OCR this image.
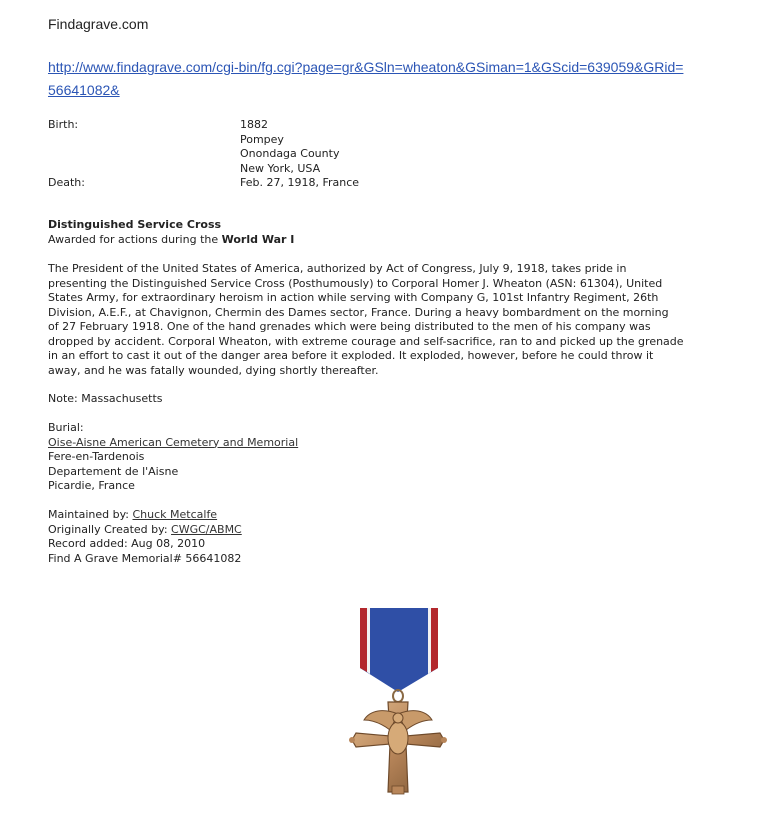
Findagrave.com
http://www.findagrave.com/cgi-bin/fg.cgi?page=gr&GSln=wheaton&GSiman=1&GScid=639059&GRid=56641082&
Birth:	1882
Pompey
Onondaga County
New York, USA
Death:	Feb. 27, 1918, France
Distinguished Service Cross
Awarded for actions during the World War I
The President of the United States of America, authorized by Act of Congress, July 9, 1918, takes pride in
presenting the Distinguished Service Cross (Posthumously) to Corporal Homer J. Wheaton (ASN: 61304), United
States Army, for extraordinary heroism in action while serving with Company G, 101st Infantry Regiment, 26th
Division, A.E.F., at Chavignon, Chermin des Dames sector, France. During a heavy bombardment on the morning
of 27 February 1918. One of the hand grenades which were being distributed to the men of his company was
dropped by accident. Corporal Wheaton, with extreme courage and self-sacrifice, ran to and picked up the grenade
in an effort to cast it out of the danger area before it exploded. It exploded, however, before he could throw it
away, and he was fatally wounded, dying shortly thereafter.
Note: Massachusetts
Burial:
Oise-Aisne American Cemetery and Memorial
Fere-en-Tardenois
Departement de l'Aisne
Picardie, France
Maintained by: Chuck Metcalfe
Originally Created by: CWGC/ABMC
Record added: Aug 08, 2010
Find A Grave Memorial# 56641082
